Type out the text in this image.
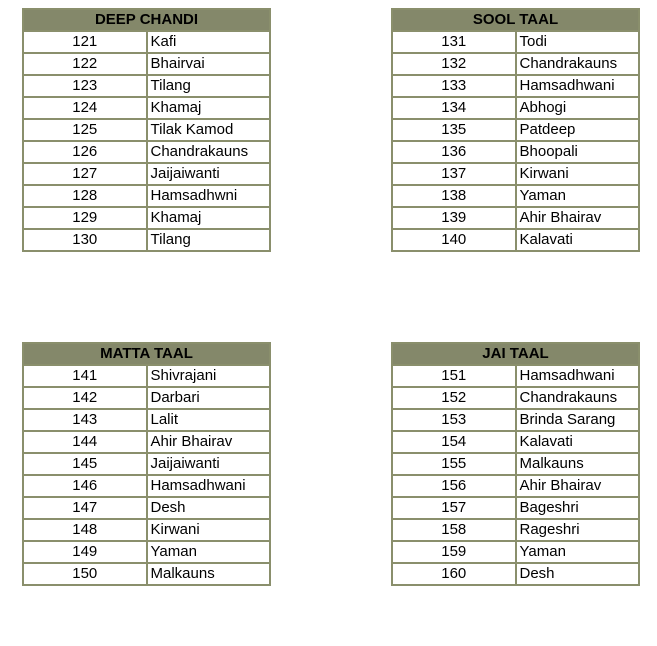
DEEP CHANDI	
121	Kafi
122	Bhairvai
123	Tilang
124	Khamaj
125	Tilak Kamod
126	Chandrakauns
127	Jaijaiwanti
128	Hamsadhwni
129	Khamaj
130	Tilang
SOOL TAAL	
131	Todi
132	Chandrakauns
133	Hamsadhwani
134	Abhogi
135	Patdeep
136	Bhoopali
137	Kirwani
138	Yaman
139	Ahir Bhairav
140	Kalavati
MATTA TAAL	
141	Shivrajani
142	Darbari
143	Lalit
144	Ahir Bhairav
145	Jaijaiwanti
146	Hamsadhwani
147	Desh
148	Kirwani
149	Yaman
150	Malkauns
JAI TAAL	
151	Hamsadhwani
152	Chandrakauns
153	Brinda Sarang
154	Kalavati
155	Malkauns
156	Ahir Bhairav
157	Bageshri
158	Rageshri
159	Yaman
160	Desh
